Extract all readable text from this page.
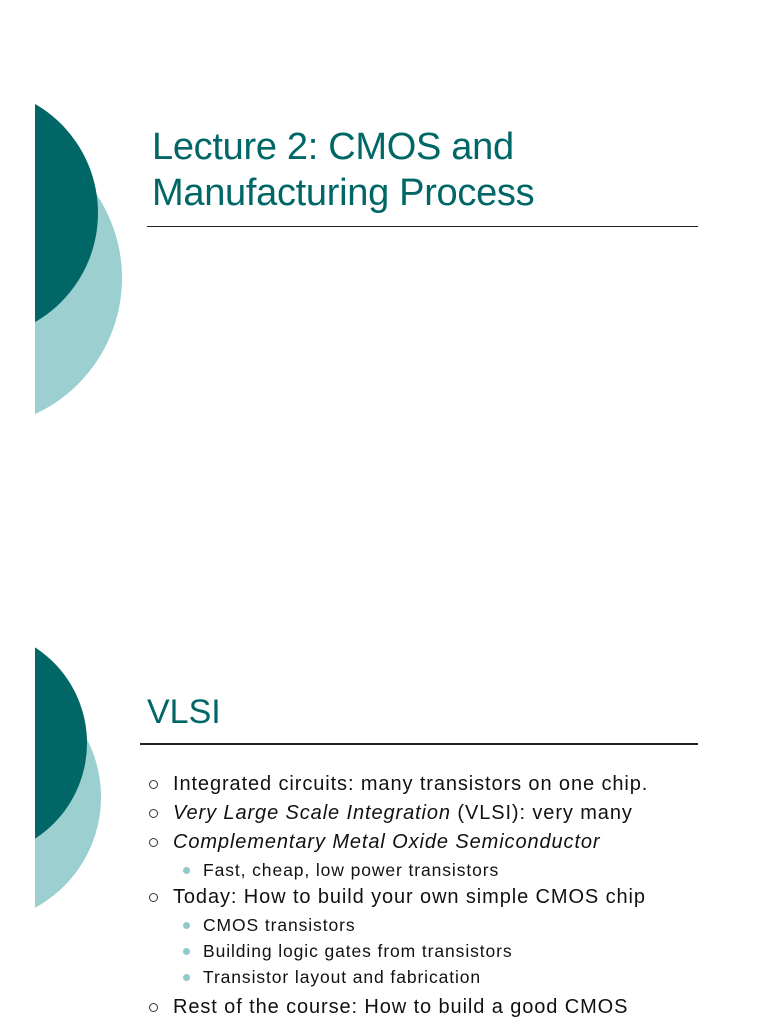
Lecture 2: CMOS and
Manufacturing Process
VLSI
Integrated circuits: many transistors on one chip.
Very Large Scale Integration (VLSI): very many
Complementary Metal Oxide Semiconductor
Fast, cheap, low power transistors
Today: How to build your own simple CMOS chip
CMOS transistors
Building logic gates from transistors
Transistor layout and fabrication
Rest of the course: How to build a good CMOS
